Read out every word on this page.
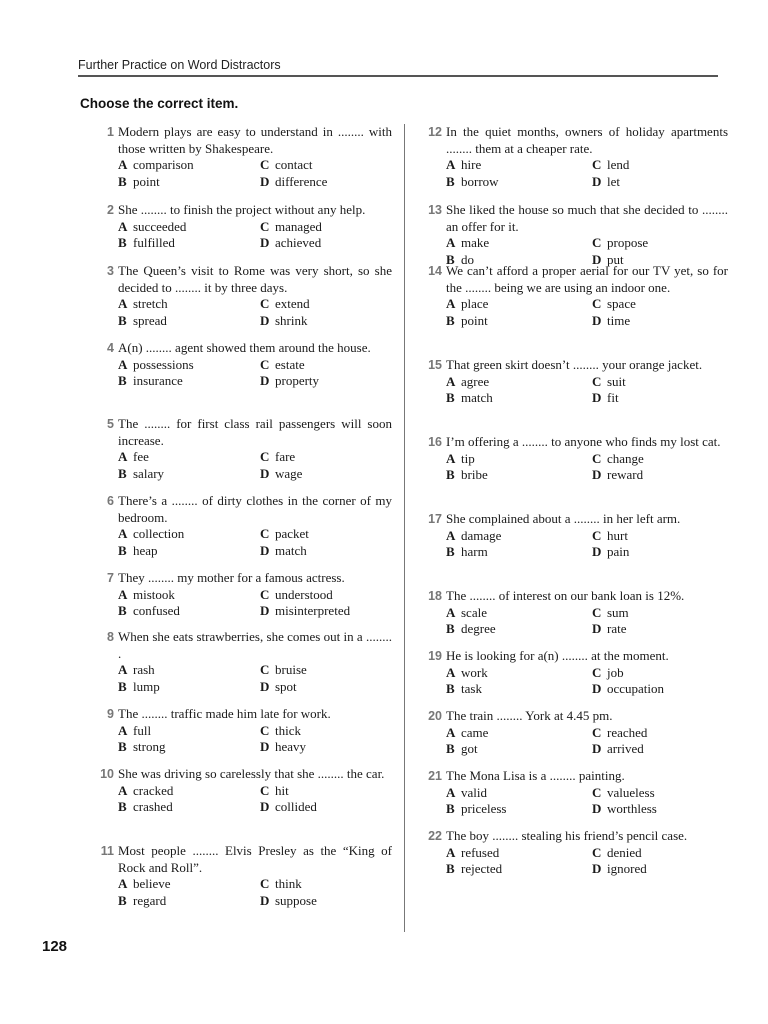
Further Practice on Word Distractors
Choose the correct item.
1 Modern plays are easy to understand in ........ with those written by Shakespeare.
A comparison	C contact
B point	D difference
2 She ........ to finish the project without any help.
A succeeded	C managed
B fulfilled	D achieved
3 The Queen’s visit to Rome was very short, so she decided to ........ it by three days.
A stretch	C extend
B spread	D shrink
4 A(n) ........ agent showed them around the house.
A possessions	C estate
B insurance	D property
5 The ........ for first class rail passengers will soon increase.
A fee	C fare
B salary	D wage
6 There’s a ........ of dirty clothes in the corner of my bedroom.
A collection	C packet
B heap	D match
7 They ........ my mother for a famous actress.
A mistook	C understood
B confused	D misinterpreted
8 When she eats strawberries, she comes out in a ........ .
A rash	C bruise
B lump	D spot
9 The ........ traffic made him late for work.
A full	C thick
B strong	D heavy
10 She was driving so carelessly that she ........ the car.
A cracked	C hit
B crashed	D collided
11 Most people ........ Elvis Presley as the “King of Rock and Roll”.
A believe	C think
B regard	D suppose
12 In the quiet months, owners of holiday apartments ........ them at a cheaper rate.
A hire	C lend
B borrow	D let
13 She liked the house so much that she decided to ........ an offer for it.
A make	C propose
B do	D put
14 We can’t afford a proper aerial for our TV yet, so for the ........ being we are using an indoor one.
A place	C space
B point	D time
15 That green skirt doesn’t ........ your orange jacket.
A agree	C suit
B match	D fit
16 I’m offering a ........ to anyone who finds my lost cat.
A tip	C change
B bribe	D reward
17 She complained about a ........ in her left arm.
A damage	C hurt
B harm	D pain
18 The ........ of interest on our bank loan is 12%.
A scale	C sum
B degree	D rate
19 He is looking for a(n) ........ at the moment.
A work	C job
B task	D occupation
20 The train ........ York at 4.45 pm.
A came	C reached
B got	D arrived
21 The Mona Lisa is a ........ painting.
A valid	C valueless
B priceless	D worthless
22 The boy ........ stealing his friend’s pencil case.
A refused	C denied
B rejected	D ignored
128
